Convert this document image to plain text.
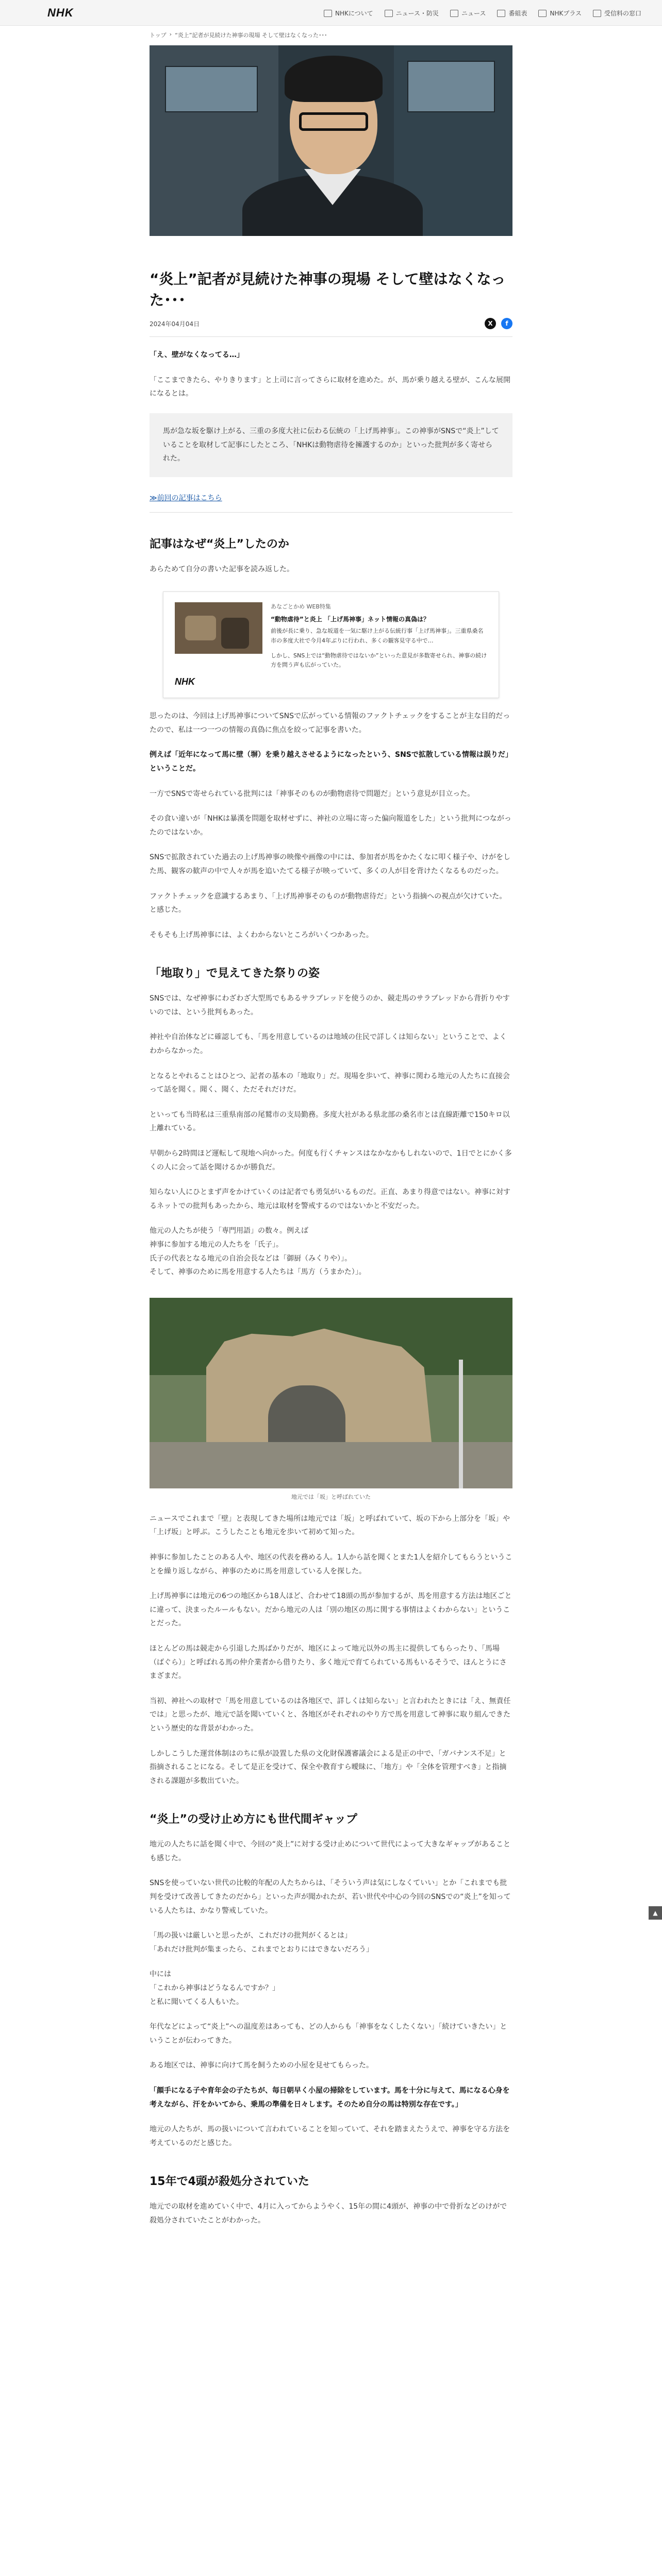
NHK	NHKについて	ニュース・防災	ニュース	番組表	NHKプラス	受信料の窓口
トップ › “炎上”記者が見続けた神事の現場 そして壁はなくなった･･･
“炎上”記者が見続けた神事の現場 そして壁はなくなった･･･
2024年04月04日	X	f

「え、壁がなくなってる…」

「ここまできたら、やりきります」と上司に言ってさらに取材を進めた。が、馬が乗り越える壁が、こんな展開になるとは。

馬が急な坂を駆け上がる、三重の多度大社に伝わる伝統の「上げ馬神事」。この神事がSNSで“炎上”していることを取材して記事にしたところ、「NHKは動物虐待を擁護するのか」といった批判が多く寄せられた。
≫前回の記事はこちら
記事はなぜ“炎上”したのか

あらためて自分の書いた記事を読み返した。

あなごとかめ WEB特集
“動物虐待”と炎上 「上げ馬神事」ネット情報の真偽は？
前後が長に乗り、急な坂道を一気に駆け上がる伝統行事「上げ馬神事」。三重県桑名市の多度大社で今月4年ぶりに行われ、多くの観客見守る中で…
しかし、SNS上では“動物虐待ではないか”といった意見が多数寄せられ、神事の続け方を問う声も広がっていた。
NHK

思ったのは、今回は上げ馬神事についてSNSで広がっている情報のファクトチェックをすることが主な目的だったので、私は一つ一つの情報の真偽に焦点を絞って記事を書いた。

例えば「近年になって馬に壁（塀）を乗り越えさせるようになったという、SNSで拡散している情報は誤りだ」ということだ。

一方でSNSで寄せられている批判には「神事そのものが動物虐待で問題だ」という意見が目立った。

その食い違いが「NHKは暴漢を問題を取材せずに、神社の立場に寄った偏向報道をした」という批判につながったのではないか。

SNSで拡散されていた過去の上げ馬神事の映像や画像の中には、参加者が馬をかたくなに叩く様子や、けがをした馬、観客の歓声の中で人々が馬を追いたてる様子が映っていて、多くの人が目を背けたくなるものだった。

ファクトチェックを意識するあまり、「上げ馬神事そのものが動物虐待だ」という指摘への視点が欠けていた。と感じた。

そもそも上げ馬神事には、よくわからないところがいくつかあった。

「地取り」で見えてきた祭りの姿

SNSでは、なぜ神事にわざわざ大型馬でもあるサラブレッドを使うのか、競走馬のサラブレッドから背折りやすいのでは、という批判もあった。

神社や自治体などに確認しても、「馬を用意しているのは地域の住民で詳しくは知らない」ということで、よくわからなかった。

となるとやれることはひとつ、記者の基本の「地取り」だ。現場を歩いて、神事に関わる地元の人たちに直接会って話を聞く。聞く、聞く、ただそれだけだ。

といっても当時私は三重県南部の尾鷲市の支局勤務。多度大社がある県北部の桑名市とは直線距離で150キロ以上離れている。

早朝から2時間ほど運転して現地へ向かった。何度も行くチャンスはなかなかもしれないので、1日でとにかく多くの人に会って話を聞けるかが勝負だ。

知らない人にひとまず声をかけていくのは記者でも勇気がいるものだ。正直、あまり得意ではない。神事に対するネットでの批判もあったから、地元は取材を警戒するのではないかと不安だった。

他元の人たちが使う「専門用語」の数々。例えば
神事に参加する地元の人たちを「氏子」。
氏子の代表となる地元の自治会長などは「御厨（みくりや）」。
そして、神事のために馬を用意する人たちは「馬方（うまかた）」。

地元では「坂」と呼ばれていた

ニュースでこれまで「壁」と表現してきた場所は地元では「坂」と呼ばれていて、坂の下から上部分を「坂」や「上げ坂」と呼ぶ。こうしたことも地元を歩いて初めて知った。

神事に参加したことのある人や、地区の代表を務める人。1人から話を聞くとまた1人を紹介してもらうということを繰り返しながら、神事のために馬を用意している人を探した。

上げ馬神事には地元の6つの地区から18人ほど、合わせて18頭の馬が参加するが、馬を用意する方法は地区ごとに違って、決まったルールもない。だから地元の人は「別の地区の馬に関する事情はよくわからない」ということだった。

ほとんどの馬は競走から引退した馬ばかりだが、地区によって地元以外の馬主に提供してもらったり、「馬場（ばぐら）」と呼ばれる馬の仲介業者から借りたり、多く地元で育てられている馬もいるそうで、ほんとうにさまざまだ。

当初、神社への取材で「馬を用意しているのは各地区で、詳しくは知らない」と言われたときには「え、無責任では」と思ったが、地元で話を聞いていくと、各地区がそれぞれのやり方で馬を用意して神事に取り組んできたという歴史的な背景がわかった。

しかしこうした運営体制はのちに県が設置した県の文化財保護審議会による是正の中で、「ガバナンス不足」と指摘されることになる。そして是正を受けて、保全や教育すら曖昧に、「地方」や「全体を管理すべき」と指摘される課題が多数出ていた。

“炎上”の受け止め方にも世代間ギャップ

地元の人たちに話を聞く中で、今回の“炎上”に対する受け止めについて世代によって大きなギャップがあることも感じた。

SNSを使っていない世代の比較的年配の人たちからは、「そういう声は気にしなくていい」とか「これまでも批判を受けて改善してきたのだから」といった声が聞かれたが、若い世代や中心の今回のSNSでの“炎上”を知っている人たちは、かなり警戒していた。

「馬の扱いは厳しいと思ったが、これだけの批判がくるとは」
「あれだけ批判が集まったら、これまでとおりにはできないだろう」

中には
「これから神事はどうなるんですか？」
と私に聞いてくる人もいた。

年代などによって“炎上”への温度差はあっても、どの人からも「神事をなくしたくない」「続けていきたい」ということが伝わってきた。

ある地区では、神事に向けて馬を飼うための小屋を見せてもらった。

「顔手になる子や育年会の子たちが、毎日朝早く小屋の掃除をしています。馬を十分に与えて、馬になる心身を考えながら、汗をかいてから、乗馬の準備を日々します。そのため自分の馬は特別な存在です。」

地元の人たちが、馬の扱いについて言われていることを知っていて、それを踏まえたうえで、神事を守る方法を考えているのだと感じた。

15年で4頭が殺処分されていた

地元での取材を進めていく中で、4月に入ってからようやく、15年の間に4頭が、神事の中で骨折などのけがで殺処分されていたことがわかった。

▲
